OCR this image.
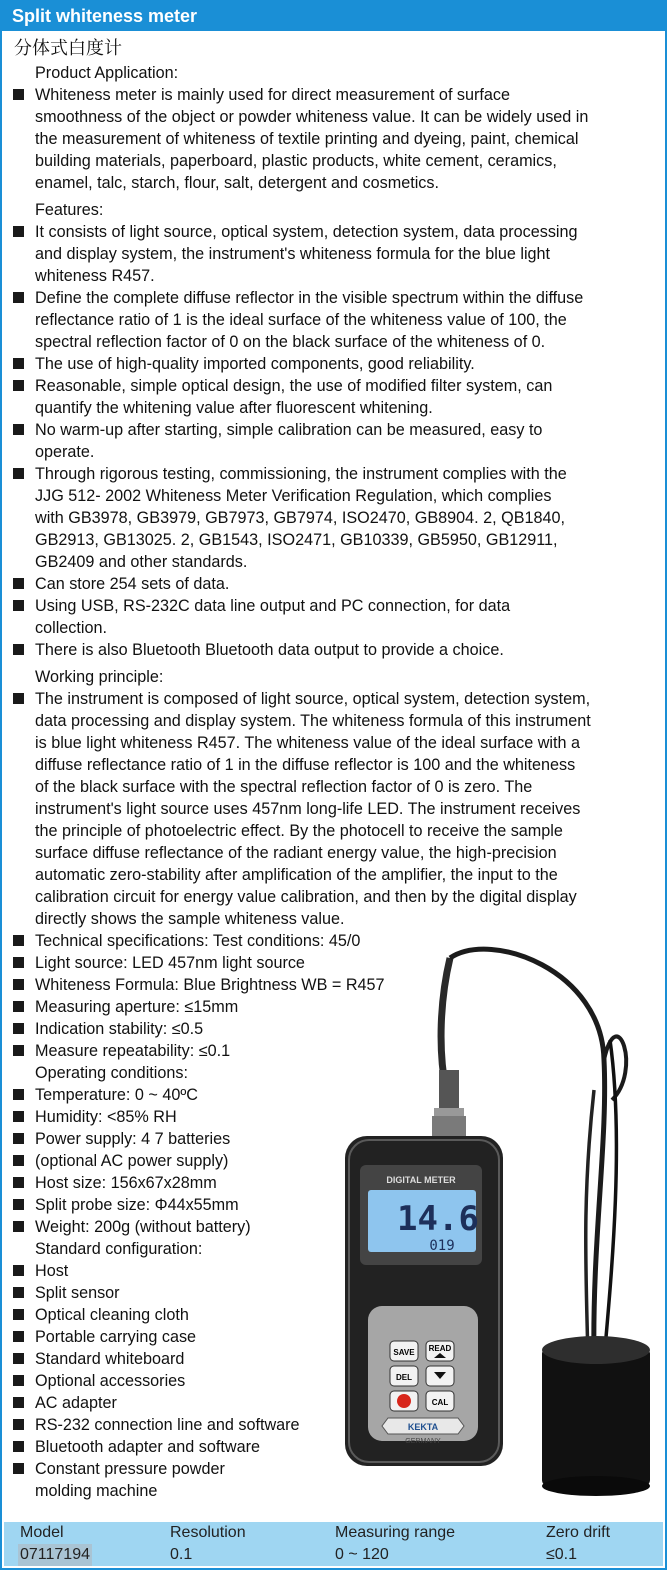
Split whiteness meter
分体式白度计
Product Application:
Whiteness meter is mainly used for direct measurement of surface
smoothness of the object or powder whiteness value. It can be widely used in
the measurement of whiteness of textile printing and dyeing, paint, chemical
building materials, paperboard, plastic products, white cement, ceramics,
enamel, talc, starch, flour, salt, detergent and cosmetics.
Features:
It consists of light source, optical system, detection system, data processing
and display system, the instrument's whiteness formula for the blue light
whiteness R457.
Define the complete diffuse reflector in the visible spectrum within the diffuse
reflectance ratio of 1 is the ideal surface of the whiteness value of 100, the
spectral reflection factor of 0 on the black surface of the whiteness of 0.
The use of high-quality imported components, good reliability.
Reasonable, simple optical design, the use of modified filter system, can
quantify the whitening value after fluorescent whitening.
No warm-up after starting, simple calibration can be measured, easy to
operate.
Through rigorous testing, commissioning, the instrument complies with the
JJG 512- 2002 Whiteness Meter Verification Regulation, which complies
with GB3978, GB3979, GB7973, GB7974, ISO2470, GB8904. 2, QB1840,
GB2913, GB13025. 2, GB1543, ISO2471, GB10339, GB5950, GB12911,
GB2409 and other standards.
Can store 254 sets of data.
Using USB, RS-232C data line output and PC connection, for data
collection.
There is also Bluetooth Bluetooth data output to provide a choice.
Working principle:
The instrument is composed of light source, optical system, detection system,
data processing and display system. The whiteness formula of this instrument
is blue light whiteness R457. The whiteness value of the ideal surface with a
diffuse reflectance ratio of 1 in the diffuse reflector is 100 and the whiteness
of the black surface with the spectral reflection factor of 0 is zero. The
instrument's light source uses 457nm long-life LED. The instrument receives
the principle of photoelectric effect. By the photocell to receive the sample
surface diffuse reflectance of the radiant energy value, the high-precision
automatic zero-stability after amplification of the amplifier, the input to the
calibration circuit for energy value calibration, and then by the digital display
directly shows the sample whiteness value.
Technical specifications: Test conditions: 45/0
Light source: LED 457nm light source
Whiteness Formula: Blue Brightness WB = R457
Measuring aperture: ≤15mm
Indication stability: ≤0.5
Measure repeatability: ≤0.1
Operating conditions:
Temperature: 0 ~ 40ºC
Humidity: <85% RH
Power supply: 4 7 batteries
(optional AC power supply)
Host size: 156x67x28mm
Split probe size: Φ44x55mm
Weight: 200g (without battery)
Standard configuration:
Host
Split sensor
Optical cleaning cloth
Portable carrying case
Standard whiteboard
Optional accessories
AC adapter
RS-232 connection line and software
Bluetooth adapter and software
Constant pressure powder
molding machine
DIGITAL METER
14.6
019
SAVE READ
DEL
CAL
KEKTA
GERMANY
Model	Resolution	Measuring range	Zero drift
07117194	0.1	0 ~ 120	≤0.1
